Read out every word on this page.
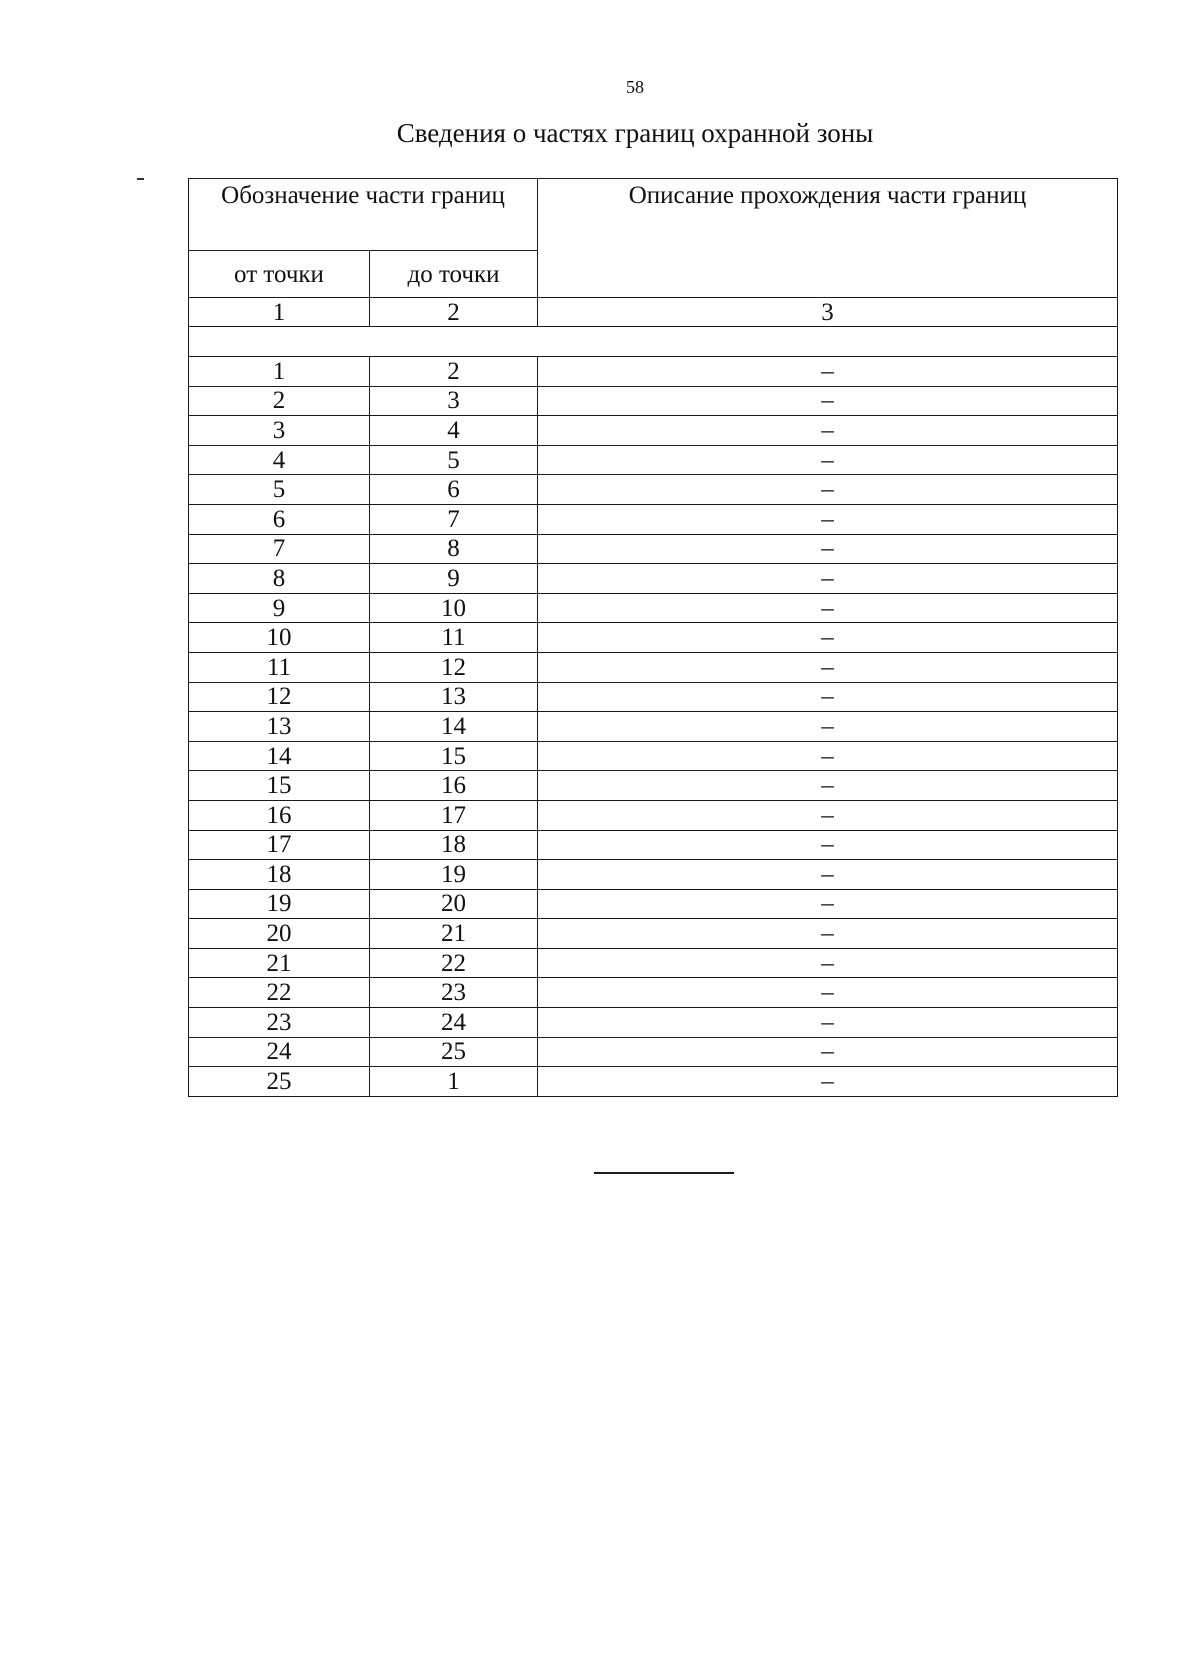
58
Сведения о частях границ охранной зоны
Обозначение части границ		Описание прохождения части границ
от точки	до точки	
1	2	3

1	2	–
2	3	–
3	4	–
4	5	–
5	6	–
6	7	–
7	8	–
8	9	–
9	10	–
10	11	–
11	12	–
12	13	–
13	14	–
14	15	–
15	16	–
16	17	–
17	18	–
18	19	–
19	20	–
20	21	–
21	22	–
22	23	–
23	24	–
24	25	–
25	1	–
